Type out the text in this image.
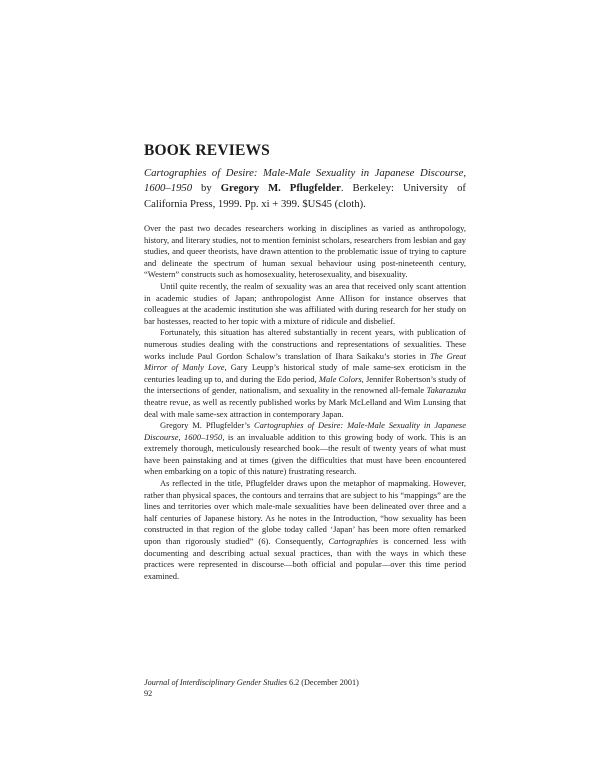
BOOK REVIEWS

Cartographies of Desire: Male-Male Sexuality in Japanese Discourse, 1600–1950 by Gregory M. Pflugfelder. Berkeley: University of California Press, 1999. Pp. xi + 399. $US45 (cloth).

Over the past two decades researchers working in disciplines as varied as anthropology, history, and literary studies, not to mention feminist scholars, researchers from lesbian and gay studies, and queer theorists, have drawn attention to the problematic issue of trying to capture and delineate the spectrum of human sexual behaviour using post-nineteenth century, “Western” constructs such as homosexuality, heterosexuality, and bisexuality.

Until quite recently, the realm of sexuality was an area that received only scant attention in academic studies of Japan; anthropologist Anne Allison for instance observes that colleagues at the academic institution she was affiliated with during research for her study on bar hostesses, reacted to her topic with a mixture of ridicule and disbelief.

Fortunately, this situation has altered substantially in recent years, with publication of numerous studies dealing with the constructions and representations of sexualities. These works include Paul Gordon Schalow’s translation of Ihara Saikaku’s stories in The Great Mirror of Manly Love, Gary Leupp’s historical study of male same-sex eroticism in the centuries leading up to, and during the Edo period, Male Colors, Jennifer Robertson’s study of the intersections of gender, nationalism, and sexuality in the renowned all-female Takarazuka theatre revue, as well as recently published works by Mark McLelland and Wim Lunsing that deal with male same-sex attraction in contemporary Japan.

Gregory M. Pflugfelder’s Cartographies of Desire: Male-Male Sexuality in Japanese Discourse, 1600–1950, is an invaluable addition to this growing body of work. This is an extremely thorough, meticulously researched book—the result of twenty years of what must have been painstaking and at times (given the difficulties that must have been encountered when embarking on a topic of this nature) frustrating research.

As reflected in the title, Pflugfelder draws upon the metaphor of mapmaking. However, rather than physical spaces, the contours and terrains that are subject to his “mappings” are the lines and territories over which male-male sexualities have been delineated over three and a half centuries of Japanese history. As he notes in the Introduction, “how sexuality has been constructed in that region of the globe today called ‘Japan’ has been more often remarked upon than rigorously studied” (6). Consequently, Cartographies is concerned less with documenting and describing actual sexual practices, than with the ways in which these practices were represented in discourse—both official and popular—over this time period examined.

Journal of Interdisciplinary Gender Studies 6.2 (December 2001)
92
